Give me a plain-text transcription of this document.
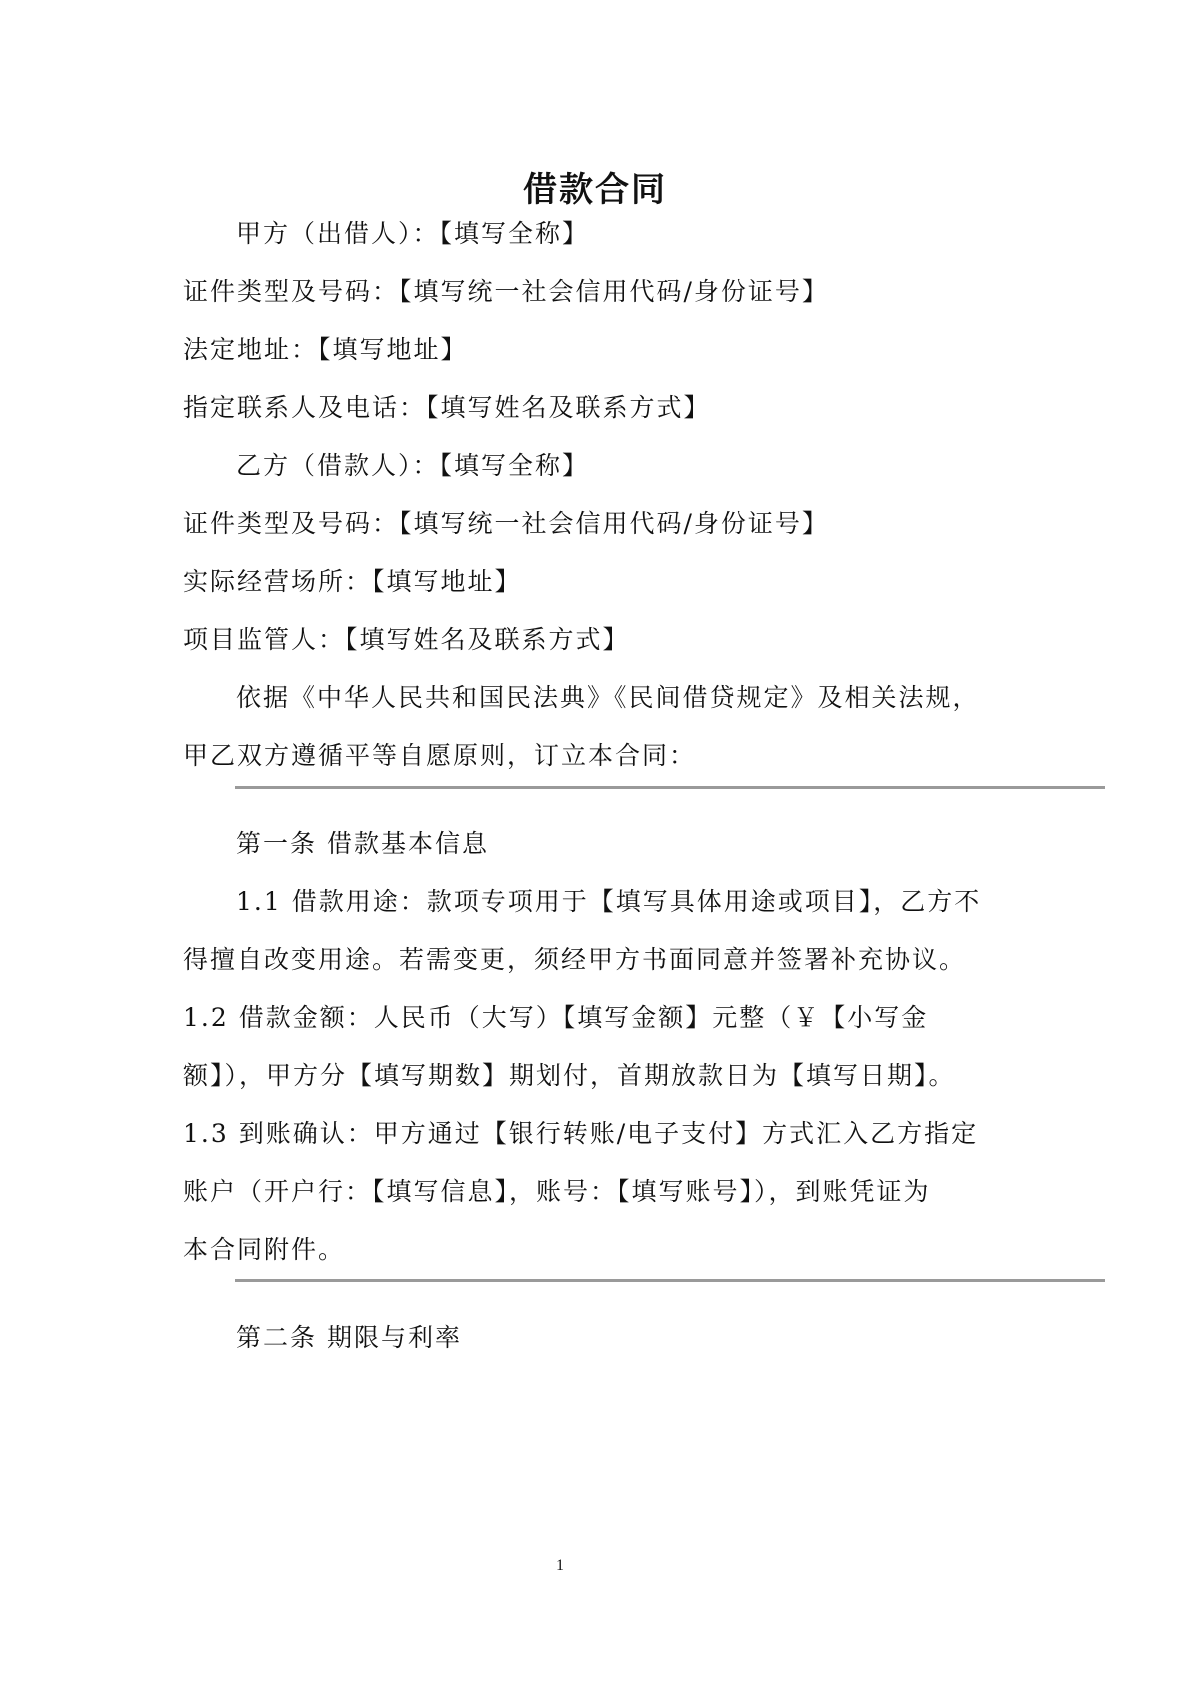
借款合同
甲方（出借人）：【填写全称】
证件类型及号码：【填写统一社会信用代码/身份证号】
法定地址：【填写地址】
指定联系人及电话：【填写姓名及联系方式】
乙方（借款人）：【填写全称】
证件类型及号码：【填写统一社会信用代码/身份证号】
实际经营场所：【填写地址】
项目监管人：【填写姓名及联系方式】
依据《中华人民共和国民法典》《民间借贷规定》及相关法规，
甲乙双方遵循平等自愿原则，订立本合同：
第一条 借款基本信息
1.1 借款用途：款项专项用于【填写具体用途或项目】，乙方不
得擅自改变用途。若需变更，须经甲方书面同意并签署补充协议。
1.2 借款金额：人民币（大写）【填写金额】元整（￥【小写金
额】），甲方分【填写期数】期划付，首期放款日为【填写日期】。
1.3 到账确认：甲方通过【银行转账/电子支付】方式汇入乙方指定
账户（开户行：【填写信息】，账号：【填写账号】），到账凭证为
本合同附件。
第二条 期限与利率
1
